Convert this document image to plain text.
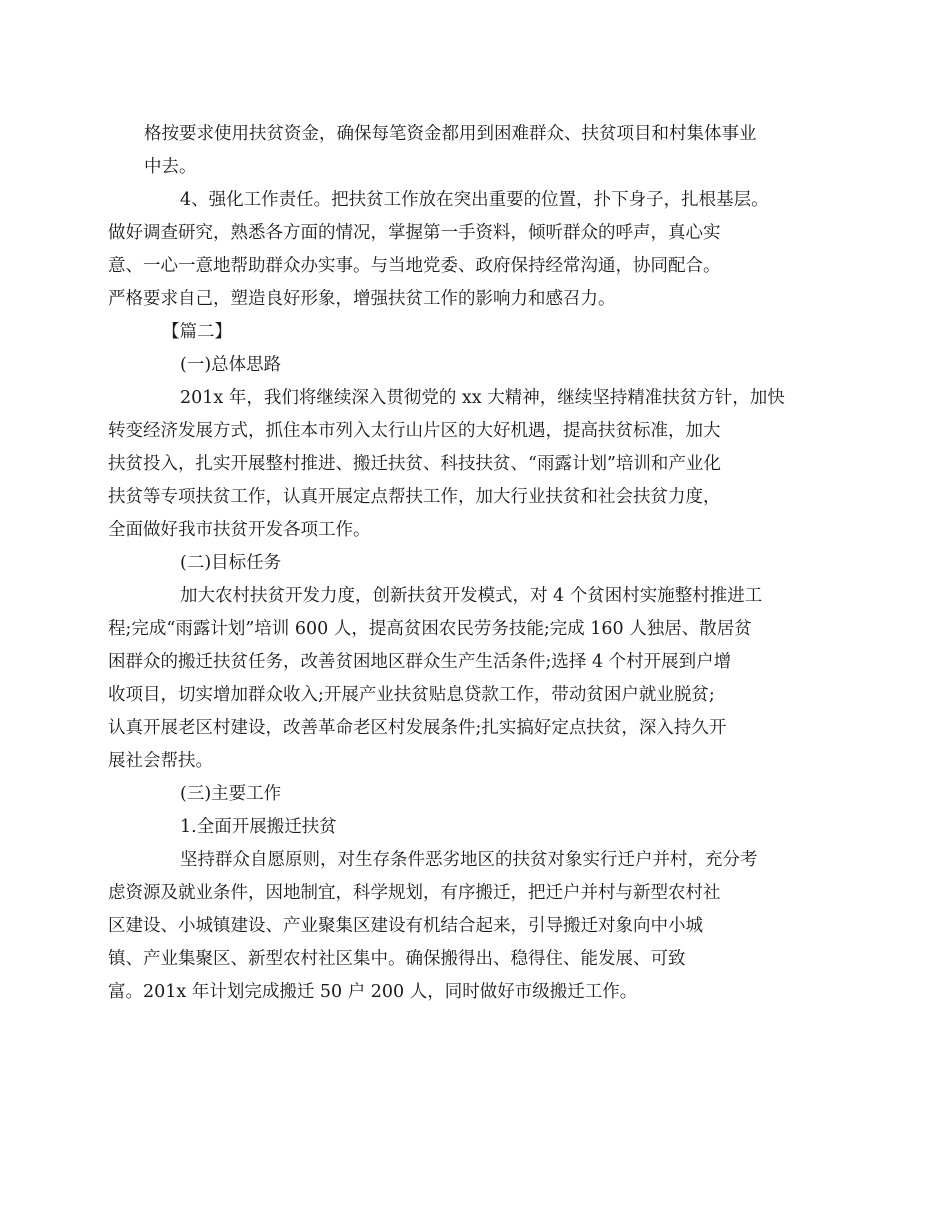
格按要求使用扶贫资金，确保每笔资金都用到困难群众、扶贫项目和村集体事业
中去。
4、强化工作责任。把扶贫工作放在突出重要的位置，扑下身子，扎根基层。
做好调查研究，熟悉各方面的情况，掌握第一手资料，倾听群众的呼声，真心实
意、一心一意地帮助群众办实事。与当地党委、政府保持经常沟通，协同配合。
严格要求自己，塑造良好形象，增强扶贫工作的影响力和感召力。
【篇二】
(一)总体思路
201x 年，我们将继续深入贯彻党的 xx 大精神，继续坚持精准扶贫方针，加快
转变经济发展方式，抓住本市列入太行山片区的大好机遇，提高扶贫标准，加大
扶贫投入，扎实开展整村推进、搬迁扶贫、科技扶贫、“雨露计划”培训和产业化
扶贫等专项扶贫工作，认真开展定点帮扶工作，加大行业扶贫和社会扶贫力度，
全面做好我市扶贫开发各项工作。
(二)目标任务
加大农村扶贫开发力度，创新扶贫开发模式，对 4 个贫困村实施整村推进工
程;完成“雨露计划”培训 600 人，提高贫困农民劳务技能;完成 160 人独居、散居贫
困群众的搬迁扶贫任务，改善贫困地区群众生产生活条件;选择 4 个村开展到户增
收项目，切实增加群众收入;开展产业扶贫贴息贷款工作，带动贫困户就业脱贫;
认真开展老区村建设，改善革命老区村发展条件;扎实搞好定点扶贫，深入持久开
展社会帮扶。
(三)主要工作
1.全面开展搬迁扶贫
坚持群众自愿原则，对生存条件恶劣地区的扶贫对象实行迁户并村，充分考
虑资源及就业条件，因地制宜，科学规划，有序搬迁，把迁户并村与新型农村社
区建设、小城镇建设、产业聚集区建设有机结合起来，引导搬迁对象向中小城
镇、产业集聚区、新型农村社区集中。确保搬得出、稳得住、能发展、可致
富。201x 年计划完成搬迁 50 户 200 人，同时做好市级搬迁工作。
